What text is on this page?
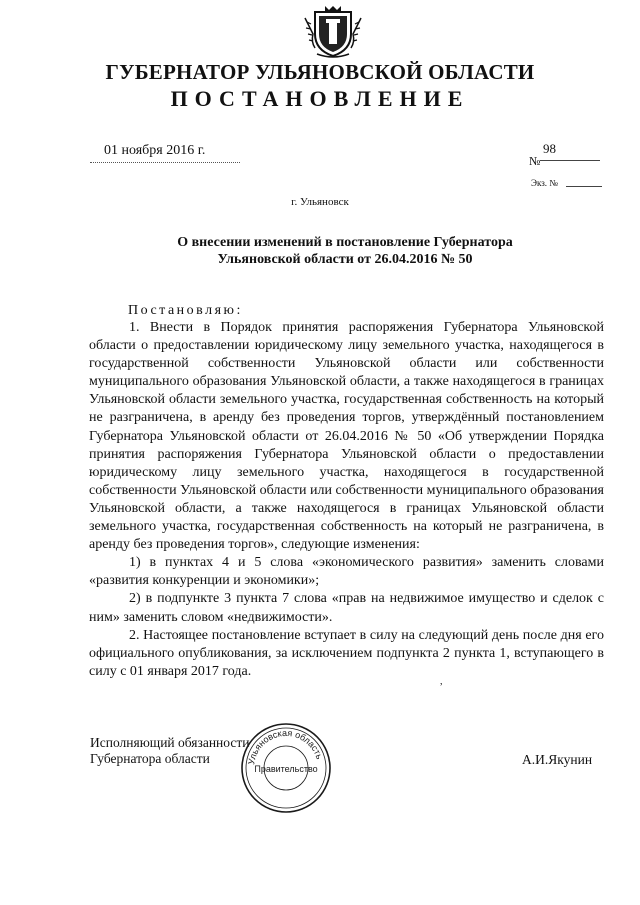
ГУБЕРНАТОР УЛЬЯНОВСКОЙ ОБЛАСТИ
ПОСТАНОВЛЕНИЕ
01 ноября 2016 г.
№
98
Экз. №
г. Ульяновск
О внесении изменений в постановление Губернатора Ульяновской области от 26.04.2016 № 50
Постановляю:

1. Внести в Порядок принятия распоряжения Губернатора Ульяновской области о предоставлении юридическому лицу земельного участка, находящегося в государственной собственности Ульяновской области или собственности муниципального образования Ульяновской области, а также находящегося в границах Ульяновской области земельного участка, государственная собственность на который не разграничена, в аренду без проведения торгов, утверждённый постановлением Губернатора Ульяновской области от 26.04.2016 № 50 «Об утверждении Порядка принятия распоряжения Губернатора Ульяновской области о предоставлении юридическому лицу земельного участка, находящегося в государственной собственности Ульяновской области или собственности муниципального образования Ульяновской области, а также находящегося в границах Ульяновской области земельного участка, государственная собственность на который не разграничена, в аренду без проведения торгов», следующие изменения:

1) в пунктах 4 и 5 слова «экономического развития» заменить словами «развития конкуренции и экономики»;

2) в подпункте 3 пункта 7 слова «прав на недвижимое имущество и сделок с ним» заменить словом «недвижимости».

2. Настоящее постановление вступает в силу на следующий день после дня его официального опубликования, за исключением подпункта 2 пункта 1, вступающего в силу с 01 января 2017 года.

,
Исполняющий обязанности
Губернатора области	А.И.Якунин
Ульяновская область
Правительство
